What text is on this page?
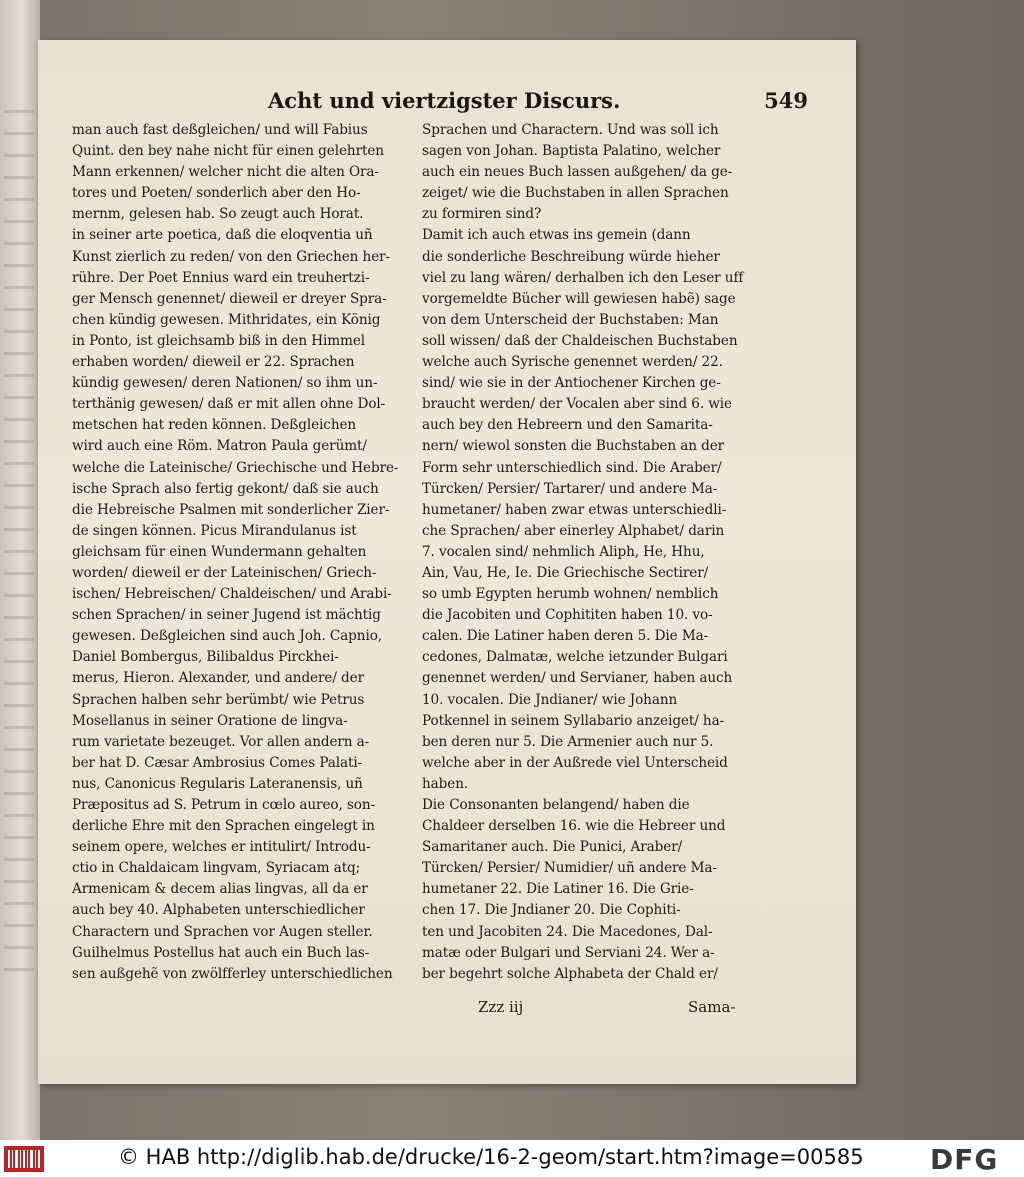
Acht und viertzigster Discurs.	549
man auch fast deßgleichen/ und will Fabius
Quint. den bey nahe nicht für einen gelehrten
Mann erkennen/ welcher nicht die alten Ora-
tores und Poeten/ sonderlich aber den Ho-
mernm, gelesen hab. So zeugt auch Horat.
in seiner arte poetica, daß die eloqventia uñ
Kunst zierlich zu reden/ von den Griechen her-
rühre. Der Poet Ennius ward ein treuhertzi-
ger Mensch genennet/ dieweil er dreyer Spra-
chen kündig gewesen. Mithridates, ein König
in Ponto, ist gleichsamb biß in den Himmel
erhaben worden/ dieweil er 22. Sprachen
kündig gewesen/ deren Nationen/ so ihm un-
terthänig gewesen/ daß er mit allen ohne Dol-
metschen hat reden können. Deßgleichen
wird auch eine Röm. Matron Paula gerümt/
welche die Lateinische/ Griechische und Hebre-
ische Sprach also fertig gekont/ daß sie auch
die Hebreische Psalmen mit sonderlicher Zier-
de singen können. Picus Mirandulanus ist
gleichsam für einen Wundermann gehalten
worden/ dieweil er der Lateinischen/ Griech-
ischen/ Hebreischen/ Chaldeischen/ und Arabi-
schen Sprachen/ in seiner Jugend ist mächtig
gewesen. Deßgleichen sind auch Joh. Capnio,
Daniel Bombergus, Bilibaldus Pirckhei-
merus, Hieron. Alexander, und andere/ der
Sprachen halben sehr berümbt/ wie Petrus
Mosellanus in seiner Oratione de lingva-
rum varietate bezeuget. Vor allen andern a-
ber hat D. Cæsar Ambrosius Comes Palati-
nus, Canonicus Regularis Lateranensis, uñ
Præpositus ad S. Petrum in cœlo aureo, son-
derliche Ehre mit den Sprachen eingelegt in
seinem opere, welches er intitulirt/ Introdu-
ctio in Chaldaicam lingvam, Syriacam atq;
Armenicam & decem alias lingvas, all da er
auch bey 40. Alphabeten unterschiedlicher
Charactern und Sprachen vor Augen steller.
Guilhelmus Postellus hat auch ein Buch las-
sen außgehẽ von zwölfferley unterschiedlichen
Sprachen und Charactern. Und was soll ich
sagen von Johan. Baptista Palatino, welcher
auch ein neues Buch lassen außgehen/ da ge-
zeiget/ wie die Buchstaben in allen Sprachen
zu formiren sind?
Damit ich auch etwas ins gemein (dann
die sonderliche Beschreibung würde hieher
viel zu lang wären/ derhalben ich den Leser uff
vorgemeldte Bücher will gewiesen habẽ) sage
von dem Unterscheid der Buchstaben: Man
soll wissen/ daß der Chaldeischen Buchstaben
welche auch Syrische genennet werden/ 22.
sind/ wie sie in der Antiochener Kirchen ge-
braucht werden/ der Vocalen aber sind 6. wie
auch bey den Hebreern und den Samarita-
nern/ wiewol sonsten die Buchstaben an der
Form sehr unterschiedlich sind. Die Araber/
Türcken/ Persier/ Tartarer/ und andere Ma-
humetaner/ haben zwar etwas unterschiedli-
che Sprachen/ aber einerley Alphabet/ darin
7. vocalen sind/ nehmlich Aliph, He, Hhu,
Ain, Vau, He, Ie. Die Griechische Sectirer/
so umb Egypten herumb wohnen/ nemblich
die Jacobiten und Cophititen haben 10. vo-
calen. Die Latiner haben deren 5. Die Ma-
cedones, Dalmatæ, welche ietzunder Bulgari
genennet werden/ und Servianer, haben auch
10. vocalen. Die Jndianer/ wie Johann
Potkennel in seinem Syllabario anzeiget/ ha-
ben deren nur 5. Die Armenier auch nur 5.
welche aber in der Außrede viel Unterscheid
haben.
Die Consonanten belangend/ haben die
Chaldeer derselben 16. wie die Hebreer und
Samaritaner auch. Die Punici, Araber/
Türcken/ Persier/ Numidier/ uñ andere Ma-
humetaner 22. Die Latiner 16. Die Grie-
chen 17. Die Jndianer 20. Die Cophiti-
ten und Jacobiten 24. Die Macedones, Dal-
matæ oder Bulgari und Serviani 24. Wer a-
ber begehrt solche Alphabeta der Chald er/
Zzz iij	Sama-
© HAB http://diglib.hab.de/drucke/16-2-geom/start.htm?image=00585 DFG
